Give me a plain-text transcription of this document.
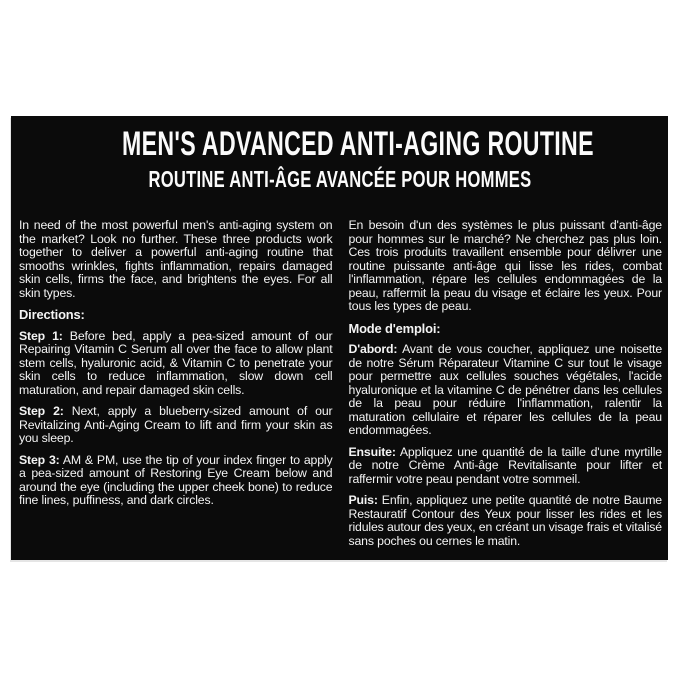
MEN'S ADVANCED ANTI-AGING ROUTINE
ROUTINE ANTI-ÂGE AVANCÉE POUR HOMMES

In need of the most powerful men's anti-aging system on the market? Look no further. These three products work together to deliver a powerful anti-aging routine that smooths wrinkles, fights inflammation, repairs damaged skin cells, firms the face, and brightens the eyes. For all skin types.

Directions:

Step 1: Before bed, apply a pea-sized amount of our Repairing Vitamin C Serum all over the face to allow plant stem cells, hyaluronic acid, & Vitamin C to penetrate your skin cells to reduce inflammation, slow down cell maturation, and repair damaged skin cells.

Step 2: Next, apply a blueberry-sized amount of our Revitalizing Anti-Aging Cream to lift and firm your skin as you sleep.

Step 3: AM & PM, use the tip of your index finger to apply a pea-sized amount of Restoring Eye Cream below and around the eye (including the upper cheek bone) to reduce fine lines, puffiness, and dark circles.

En besoin d'un des systèmes le plus puissant d'anti-âge pour hommes sur le marché? Ne cherchez pas plus loin. Ces trois produits travaillent ensemble pour délivrer une routine puissante anti-âge qui lisse les rides, combat l'inflammation, répare les cellules endommagées de la peau, raffermit la peau du visage et éclaire les yeux. Pour tous les types de peau.

Mode d'emploi:

D'abord: Avant de vous coucher, appliquez une noisette de notre Sérum Réparateur Vitamine C sur tout le visage pour permettre aux cellules souches végétales, l'acide hyaluronique et la vitamine C de pénétrer dans les cellules de la peau pour réduire l'inflammation, ralentir la maturation cellulaire et réparer les cellules de la peau endommagées.

Ensuite: Appliquez une quantité de la taille d'une myrtille de notre Crème Anti-âge Revitalisante pour lifter et raffermir votre peau pendant votre sommeil.

Puis: Enfin, appliquez une petite quantité de notre Baume Restauratif Contour des Yeux pour lisser les rides et les ridules autour des yeux, en créant un visage frais et vitalisé sans poches ou cernes le matin.
